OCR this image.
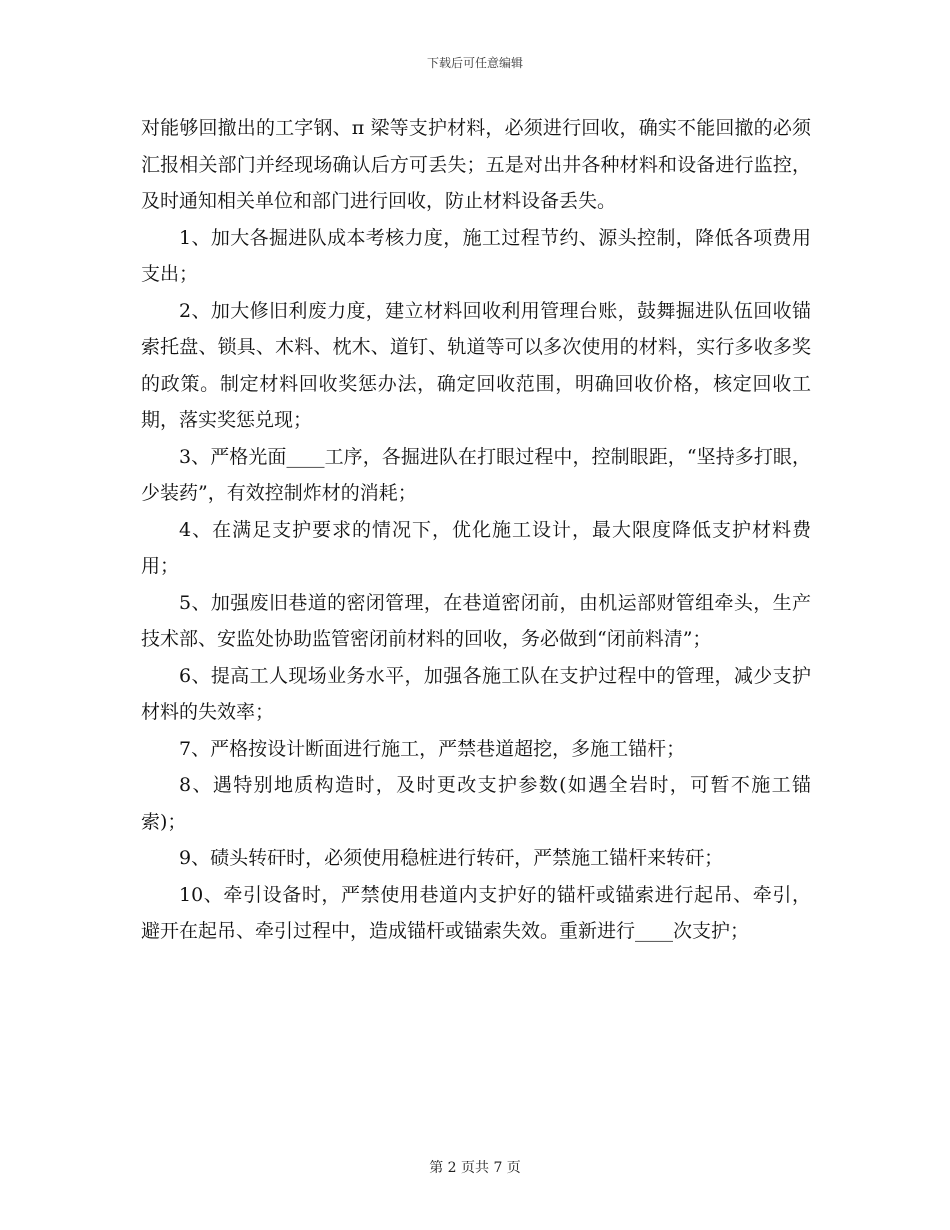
下载后可任意编辑

对能够回撤出的工字钢、π 梁等支护材料，必须进行回收，确实不能回撤的必须汇报相关部门并经现场确认后方可丢失；五是对出井各种材料和设备进行监控，及时通知相关单位和部门进行回收，防止材料设备丢失。

1、加大各掘进队成本考核力度，施工过程节约、源头控制，降低各项费用支出；

2、加大修旧利废力度，建立材料回收利用管理台账，鼓舞掘进队伍回收锚索托盘、锁具、木料、枕木、道钉、轨道等可以多次使用的材料，实行多收多奖的政策。制定材料回收奖惩办法，确定回收范围，明确回收价格，核定回收工期，落实奖惩兑现；

3、严格光面____工序，各掘进队在打眼过程中，控制眼距，“坚持多打眼，少装药”，有效控制炸材的消耗；

4、在满足支护要求的情况下，优化施工设计，最大限度降低支护材料费用；

5、加强废旧巷道的密闭管理，在巷道密闭前，由机运部财管组牵头，生产技术部、安监处协助监管密闭前材料的回收，务必做到“闭前料清”；

6、提高工人现场业务水平，加强各施工队在支护过程中的管理，减少支护材料的失效率；

7、严格按设计断面进行施工，严禁巷道超挖，多施工锚杆；

8、遇特别地质构造时，及时更改支护参数(如遇全岩时，可暂不施工锚索)；

9、碛头转矸时，必须使用稳桩进行转矸，严禁施工锚杆来转矸；

10、牵引设备时，严禁使用巷道内支护好的锚杆或锚索进行起吊、牵引，避开在起吊、牵引过程中，造成锚杆或锚索失效。重新进行____次支护；

第 2 页共 7 页
